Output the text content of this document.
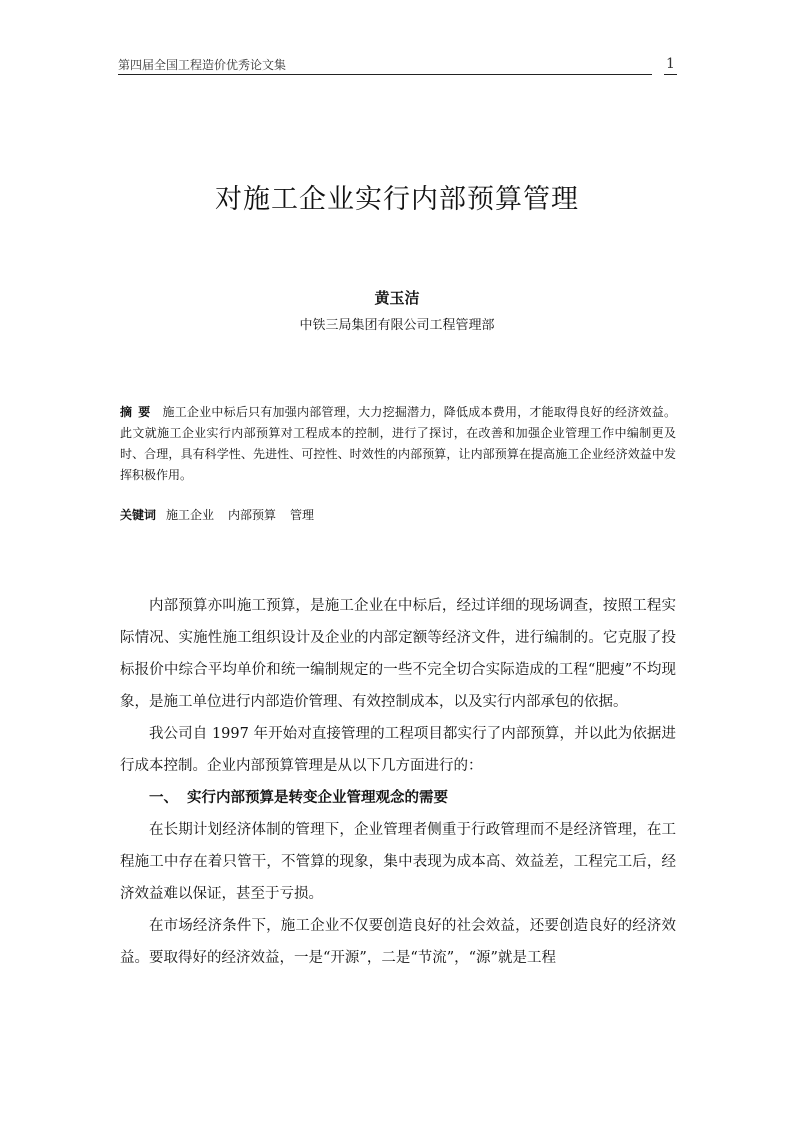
第四届全国工程造价优秀论文集	1
对施工企业实行内部预算管理
黄玉洁
中铁三局集团有限公司工程管理部
摘要 施工企业中标后只有加强内部管理，大力挖掘潜力，降低成本费用，才能取得良好的经济效益。此文就施工企业实行内部预算对工程成本的控制，进行了探讨，在改善和加强企业管理工作中编制更及时、合理，具有科学性、先进性、可控性、时效性的内部预算，让内部预算在提高施工企业经济效益中发挥积极作用。
关键词 施工企业 内部预算 管理

内部预算亦叫施工预算，是施工企业在中标后，经过详细的现场调查，按照工程实际情况、实施性施工组织设计及企业的内部定额等经济文件，进行编制的。它克服了投标报价中综合平均单价和统一编制规定的一些不完全切合实际造成的工程“肥瘦”不均现象，是施工单位进行内部造价管理、有效控制成本，以及实行内部承包的依据。

我公司自 1997 年开始对直接管理的工程项目都实行了内部预算，并以此为依据进行成本控制。企业内部预算管理是从以下几方面进行的：

一、 实行内部预算是转变企业管理观念的需要

在长期计划经济体制的管理下，企业管理者侧重于行政管理而不是经济管理，在工程施工中存在着只管干，不管算的现象，集中表现为成本高、效益差，工程完工后，经济效益难以保证，甚至于亏损。

在市场经济条件下，施工企业不仅要创造良好的社会效益，还要创造良好的经济效益。要取得好的经济效益，一是“开源”，二是“节流”，“源”就是工程
